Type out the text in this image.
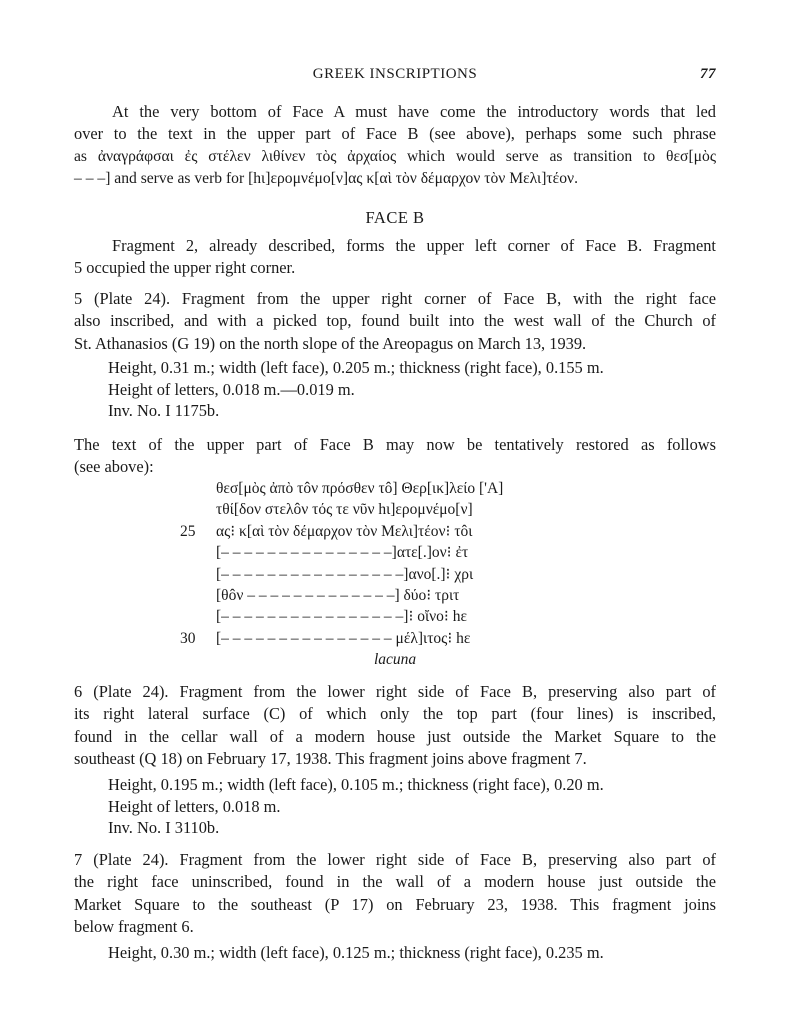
GREEK INSCRIPTIONS	77
At the very bottom of Face A must have come the introductory words that led
over to the text in the upper part of Face B (see above), perhaps some such phrase
as ἀναγράφσαι ἐς στέλεν λιθίνεν τὸς ἀρχαίος which would serve as transition to θεσ[μὸς
– – –] and serve as verb for [hι]ερομνέμο[ν]ας κ[αὶ τὸν δέμαρχον τὸν Μελι]τέον.
FACE B
Fragment 2, already described, forms the upper left corner of Face B. Fragment
5 occupied the upper right corner.
5 (Plate 24). Fragment from the upper right corner of Face B, with the right face
also inscribed, and with a picked top, found built into the west wall of the Church of
St. Athanasios (G 19) on the north slope of the Areopagus on March 13, 1939.
Height, 0.31 m.; width (left face), 0.205 m.; thickness (right face), 0.155 m.
Height of letters, 0.018 m.—0.019 m.
Inv. No. I 1175b.
The text of the upper part of Face B may now be tentatively restored as follows
(see above):
θεσ[μὸς ἀπὸ τôν πρόσθεν τô] Θερ[ικ]λείο ['Α]
τθί[δον στελôν τός τε νῦν hι]ερομνέμο[ν]
25	ας⁝ κ[αὶ τὸν δέμαρχον τὸν Μελι]τέον⁝ τôι
[– – – – – – – – – – – – – – –]ατε[.]ον⁝ ἐτ
[– – – – – – – – – – – – – – – –]ανο[.]⁝ χρι
[θôν – – – – – – – – – – – – –] δύο⁝ τριτ
[– – – – – – – – – – – – – – – –]⁝ οἴνο⁝ hε
30	[– – – – – – – – – – – – – – – μέλ]ιτος⁝ hε
lacuna
6 (Plate 24). Fragment from the lower right side of Face B, preserving also part of
its right lateral surface (C) of which only the top part (four lines) is inscribed,
found in the cellar wall of a modern house just outside the Market Square to the
southeast (Q 18) on February 17, 1938. This fragment joins above fragment 7.
Height, 0.195 m.; width (left face), 0.105 m.; thickness (right face), 0.20 m.
Height of letters, 0.018 m.
Inv. No. I 3110b.
7 (Plate 24). Fragment from the lower right side of Face B, preserving also part of
the right face uninscribed, found in the wall of a modern house just outside the
Market Square to the southeast (P 17) on February 23, 1938. This fragment joins
below fragment 6.
Height, 0.30 m.; width (left face), 0.125 m.; thickness (right face), 0.235 m.
